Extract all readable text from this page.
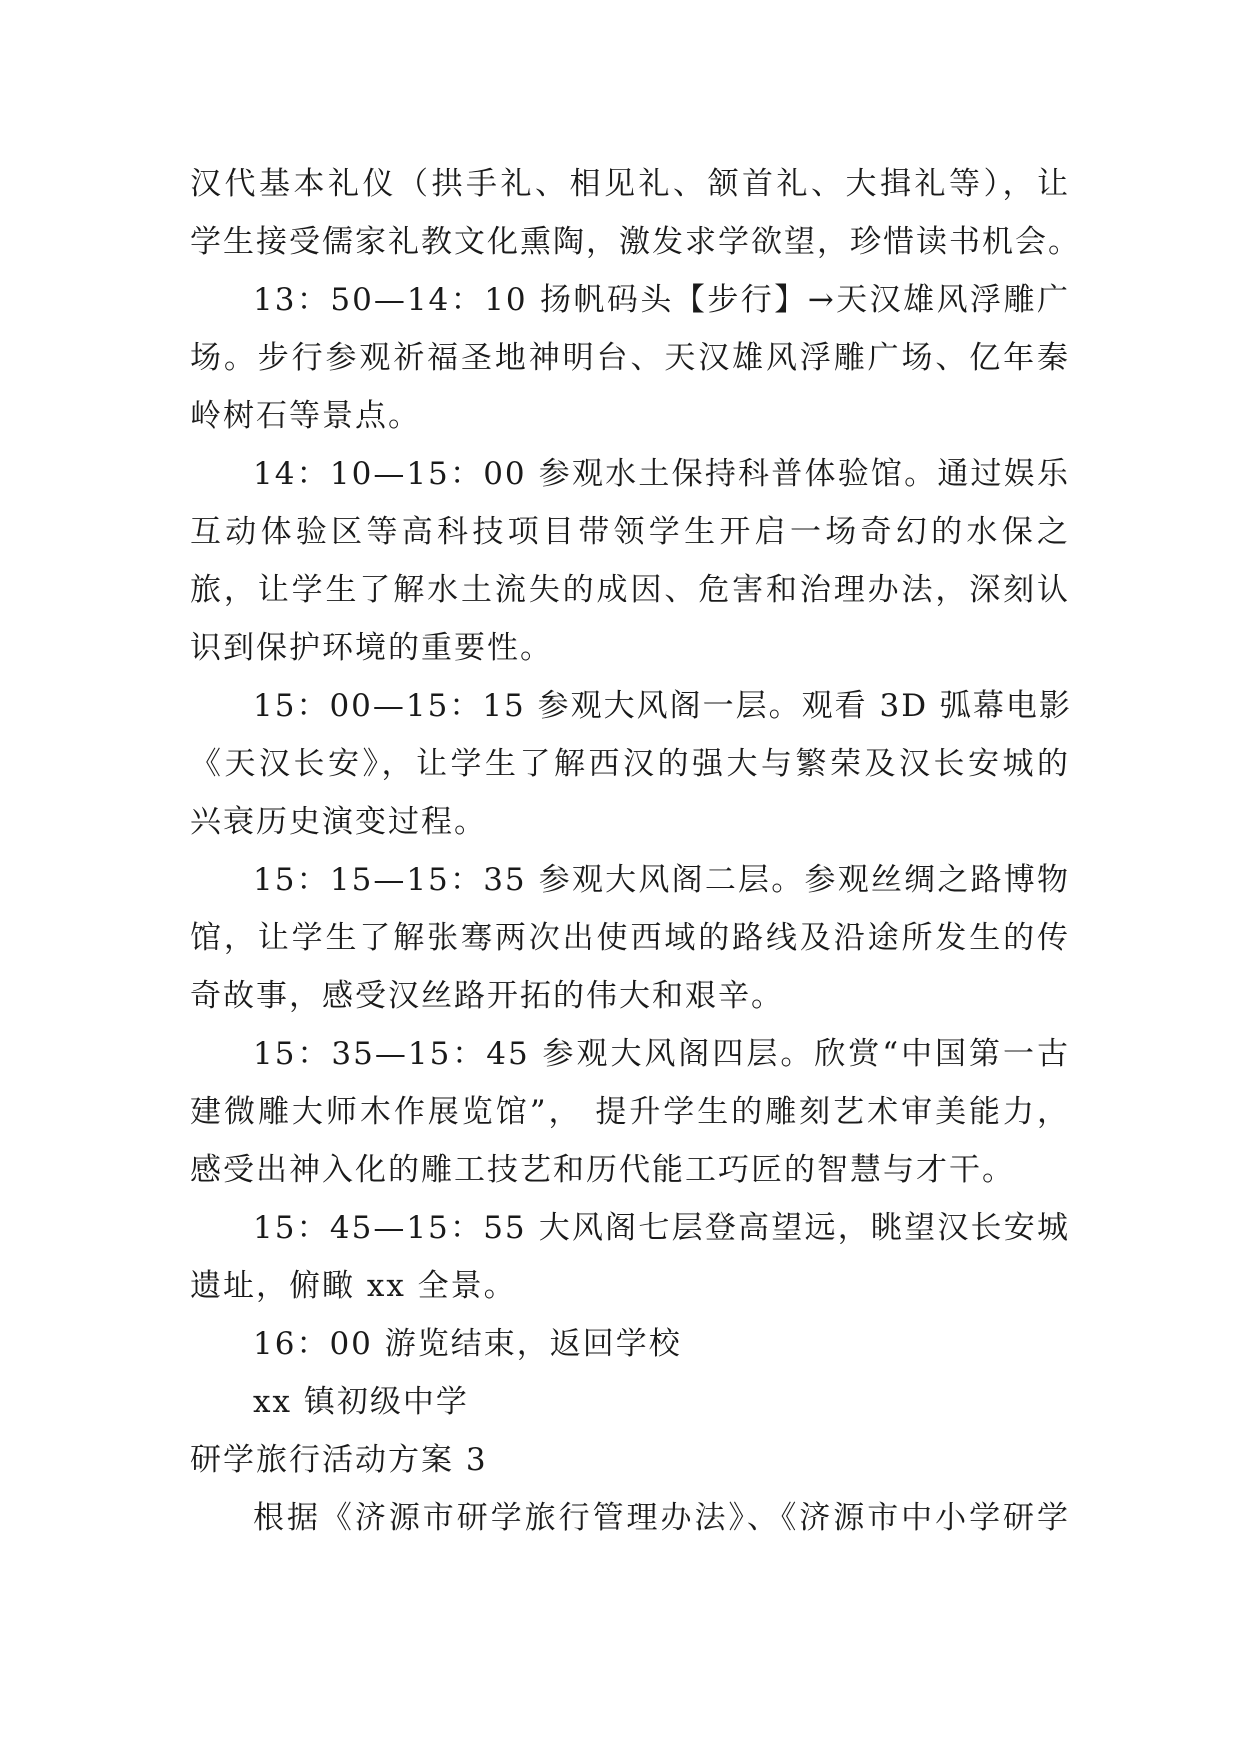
汉代基本礼仪（拱手礼、相见礼、颔首礼、大揖礼等），让
学生接受儒家礼教文化熏陶，激发求学欲望，珍惜读书机会。
13：50—14：10 扬帆码头【步行】→天汉雄风浮雕广
场。步行参观祈福圣地神明台、天汉雄风浮雕广场、亿年秦
岭树石等景点。
14：10—15：00 参观水土保持科普体验馆。通过娱乐
互动体验区等高科技项目带领学生开启一场奇幻的水保之
旅，让学生了解水土流失的成因、危害和治理办法，深刻认
识到保护环境的重要性。
15：00—15：15 参观大风阁一层。观看 3D 弧幕电影
《天汉长安》，让学生了解西汉的强大与繁荣及汉长安城的
兴衰历史演变过程。
15：15—15：35 参观大风阁二层。参观丝绸之路博物
馆，让学生了解张骞两次出使西域的路线及沿途所发生的传
奇故事，感受汉丝路开拓的伟大和艰辛。
15：35—15：45 参观大风阁四层。欣赏“中国第一古
建微雕大师木作展览馆”， 提升学生的雕刻艺术审美能力，
感受出神入化的雕工技艺和历代能工巧匠的智慧与才干。
15：45—15：55 大风阁七层登高望远，眺望汉长安城
遗址，俯瞰 xx 全景。
16：00 游览结束，返回学校
xx 镇初级中学
研学旅行活动方案 3
根据《济源市研学旅行管理办法》、《济源市中小学研学
